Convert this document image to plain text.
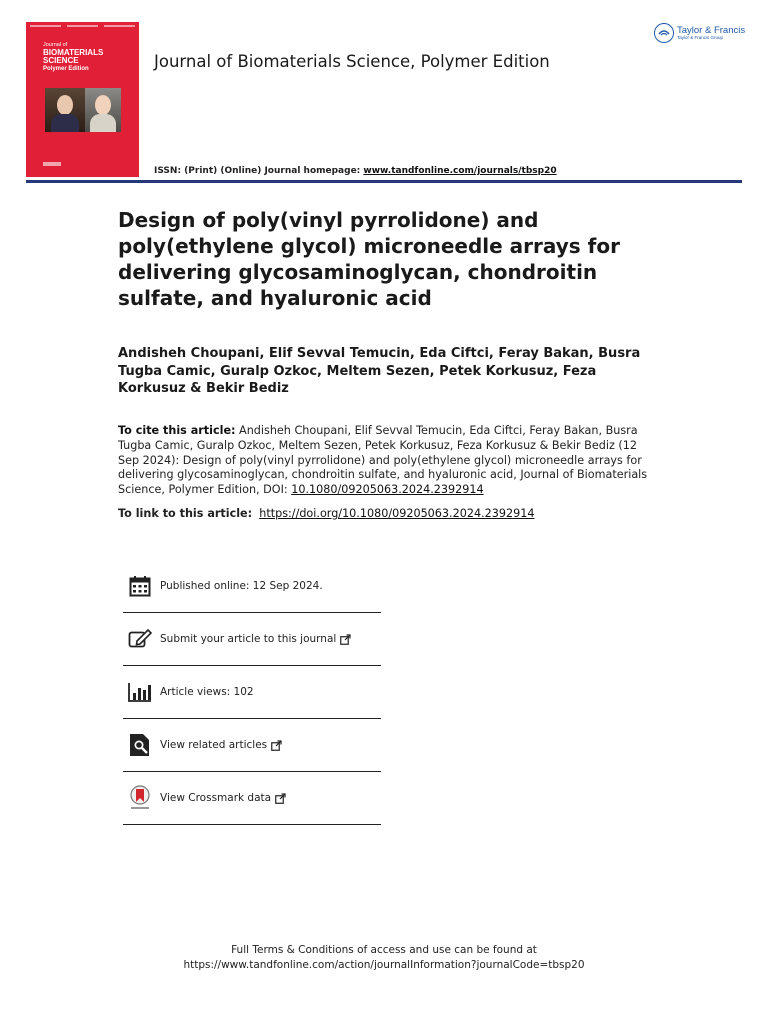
Journal of
BIOMATERIALS
SCIENCE
Polymer Edition	Journal of Biomaterials Science, Polymer Edition
Taylor & Francis
Taylor & Francis Group
ISSN: (Print) (Online) Journal homepage: www.tandfonline.com/journals/tbsp20
Design of poly(vinyl pyrrolidone) and poly(ethylene glycol) microneedle arrays for delivering glycosaminoglycan, chondroitin sulfate, and hyaluronic acid
Andisheh Choupani, Elif Sevval Temucin, Eda Ciftci, Feray Bakan, Busra Tugba Camic, Guralp Ozkoc, Meltem Sezen, Petek Korkusuz, Feza Korkusuz & Bekir Bediz
To cite this article: Andisheh Choupani, Elif Sevval Temucin, Eda Ciftci, Feray Bakan, Busra Tugba Camic, Guralp Ozkoc, Meltem Sezen, Petek Korkusuz, Feza Korkusuz & Bekir Bediz (12 Sep 2024): Design of poly(vinyl pyrrolidone) and poly(ethylene glycol) microneedle arrays for delivering glycosaminoglycan, chondroitin sulfate, and hyaluronic acid, Journal of Biomaterials Science, Polymer Edition, DOI: 10.1080/09205063.2024.2392914
To link to this article: https://doi.org/10.1080/09205063.2024.2392914
Published online: 12 Sep 2024.
Submit your article to this journal
Article views: 102
View related articles
View Crossmark data
Full Terms & Conditions of access and use can be found at
https://www.tandfonline.com/action/journalInformation?journalCode=tbsp20
